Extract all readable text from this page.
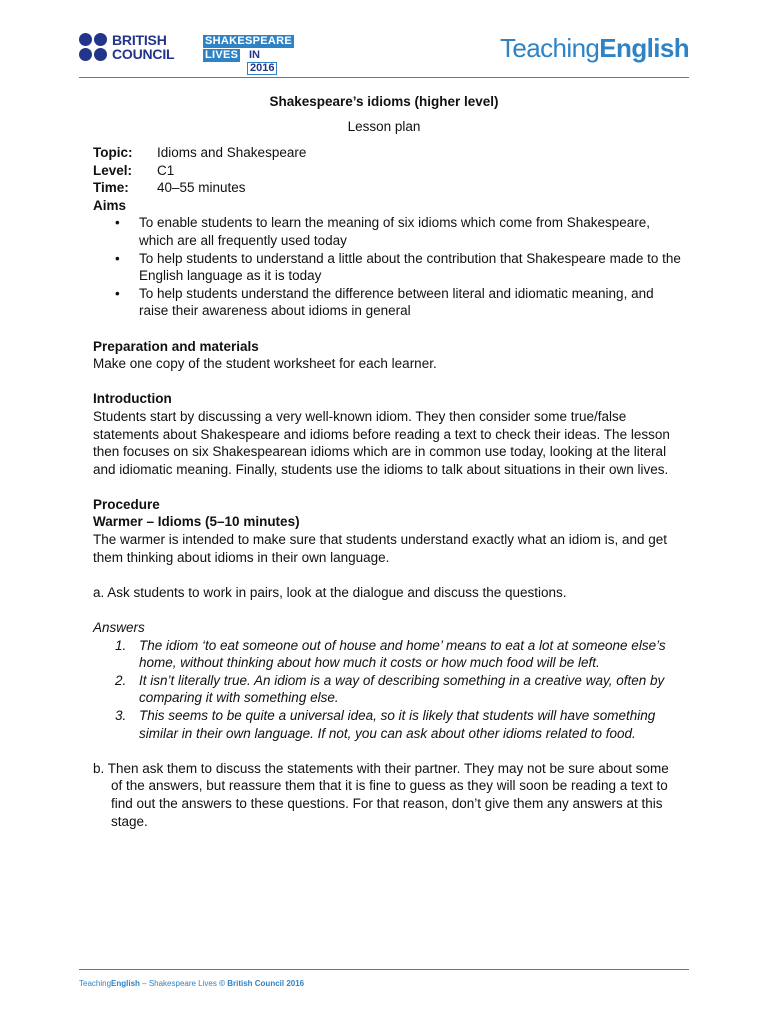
BRITISH
COUNCIL
SHAKESPEARE
LIVES IN
2016
TeachingEnglish
Shakespeare’s idioms (higher level)
Lesson plan
Topic:	Idioms and Shakespeare
Level:	C1
Time:	40–55 minutes
Aims
• To enable students to learn the meaning of six idioms which come from Shakespeare, which are all frequently used today
• To help students to understand a little about the contribution that Shakespeare made to the English language as it is today
• To help students understand the difference between literal and idiomatic meaning, and raise their awareness about idioms in general
Preparation and materials
Make one copy of the student worksheet for each learner.
Introduction
Students start by discussing a very well-known idiom. They then consider some true/false statements about Shakespeare and idioms before reading a text to check their ideas. The lesson then focuses on six Shakespearean idioms which are in common use today, looking at the literal and idiomatic meaning. Finally, students use the idioms to talk about situations in their own lives.
Procedure
Warmer – Idioms (5–10 minutes)
The warmer is intended to make sure that students understand exactly what an idiom is, and get them thinking about idioms in their own language.
a. Ask students to work in pairs, look at the dialogue and discuss the questions.
Answers
1. The idiom ‘to eat someone out of house and home’ means to eat a lot at someone else’s home, without thinking about how much it costs or how much food will be left.
2. It isn’t literally true. An idiom is a way of describing something in a creative way, often by comparing it with something else.
3. This seems to be quite a universal idea, so it is likely that students will have something similar in their own language. If not, you can ask about other idioms related to food.
b. Then ask them to discuss the statements with their partner. They may not be sure about some of the answers, but reassure them that it is fine to guess as they will soon be reading a text to find out the answers to these questions. For that reason, don’t give them any answers at this stage.
TeachingEnglish – Shakespeare Lives © British Council 2016
